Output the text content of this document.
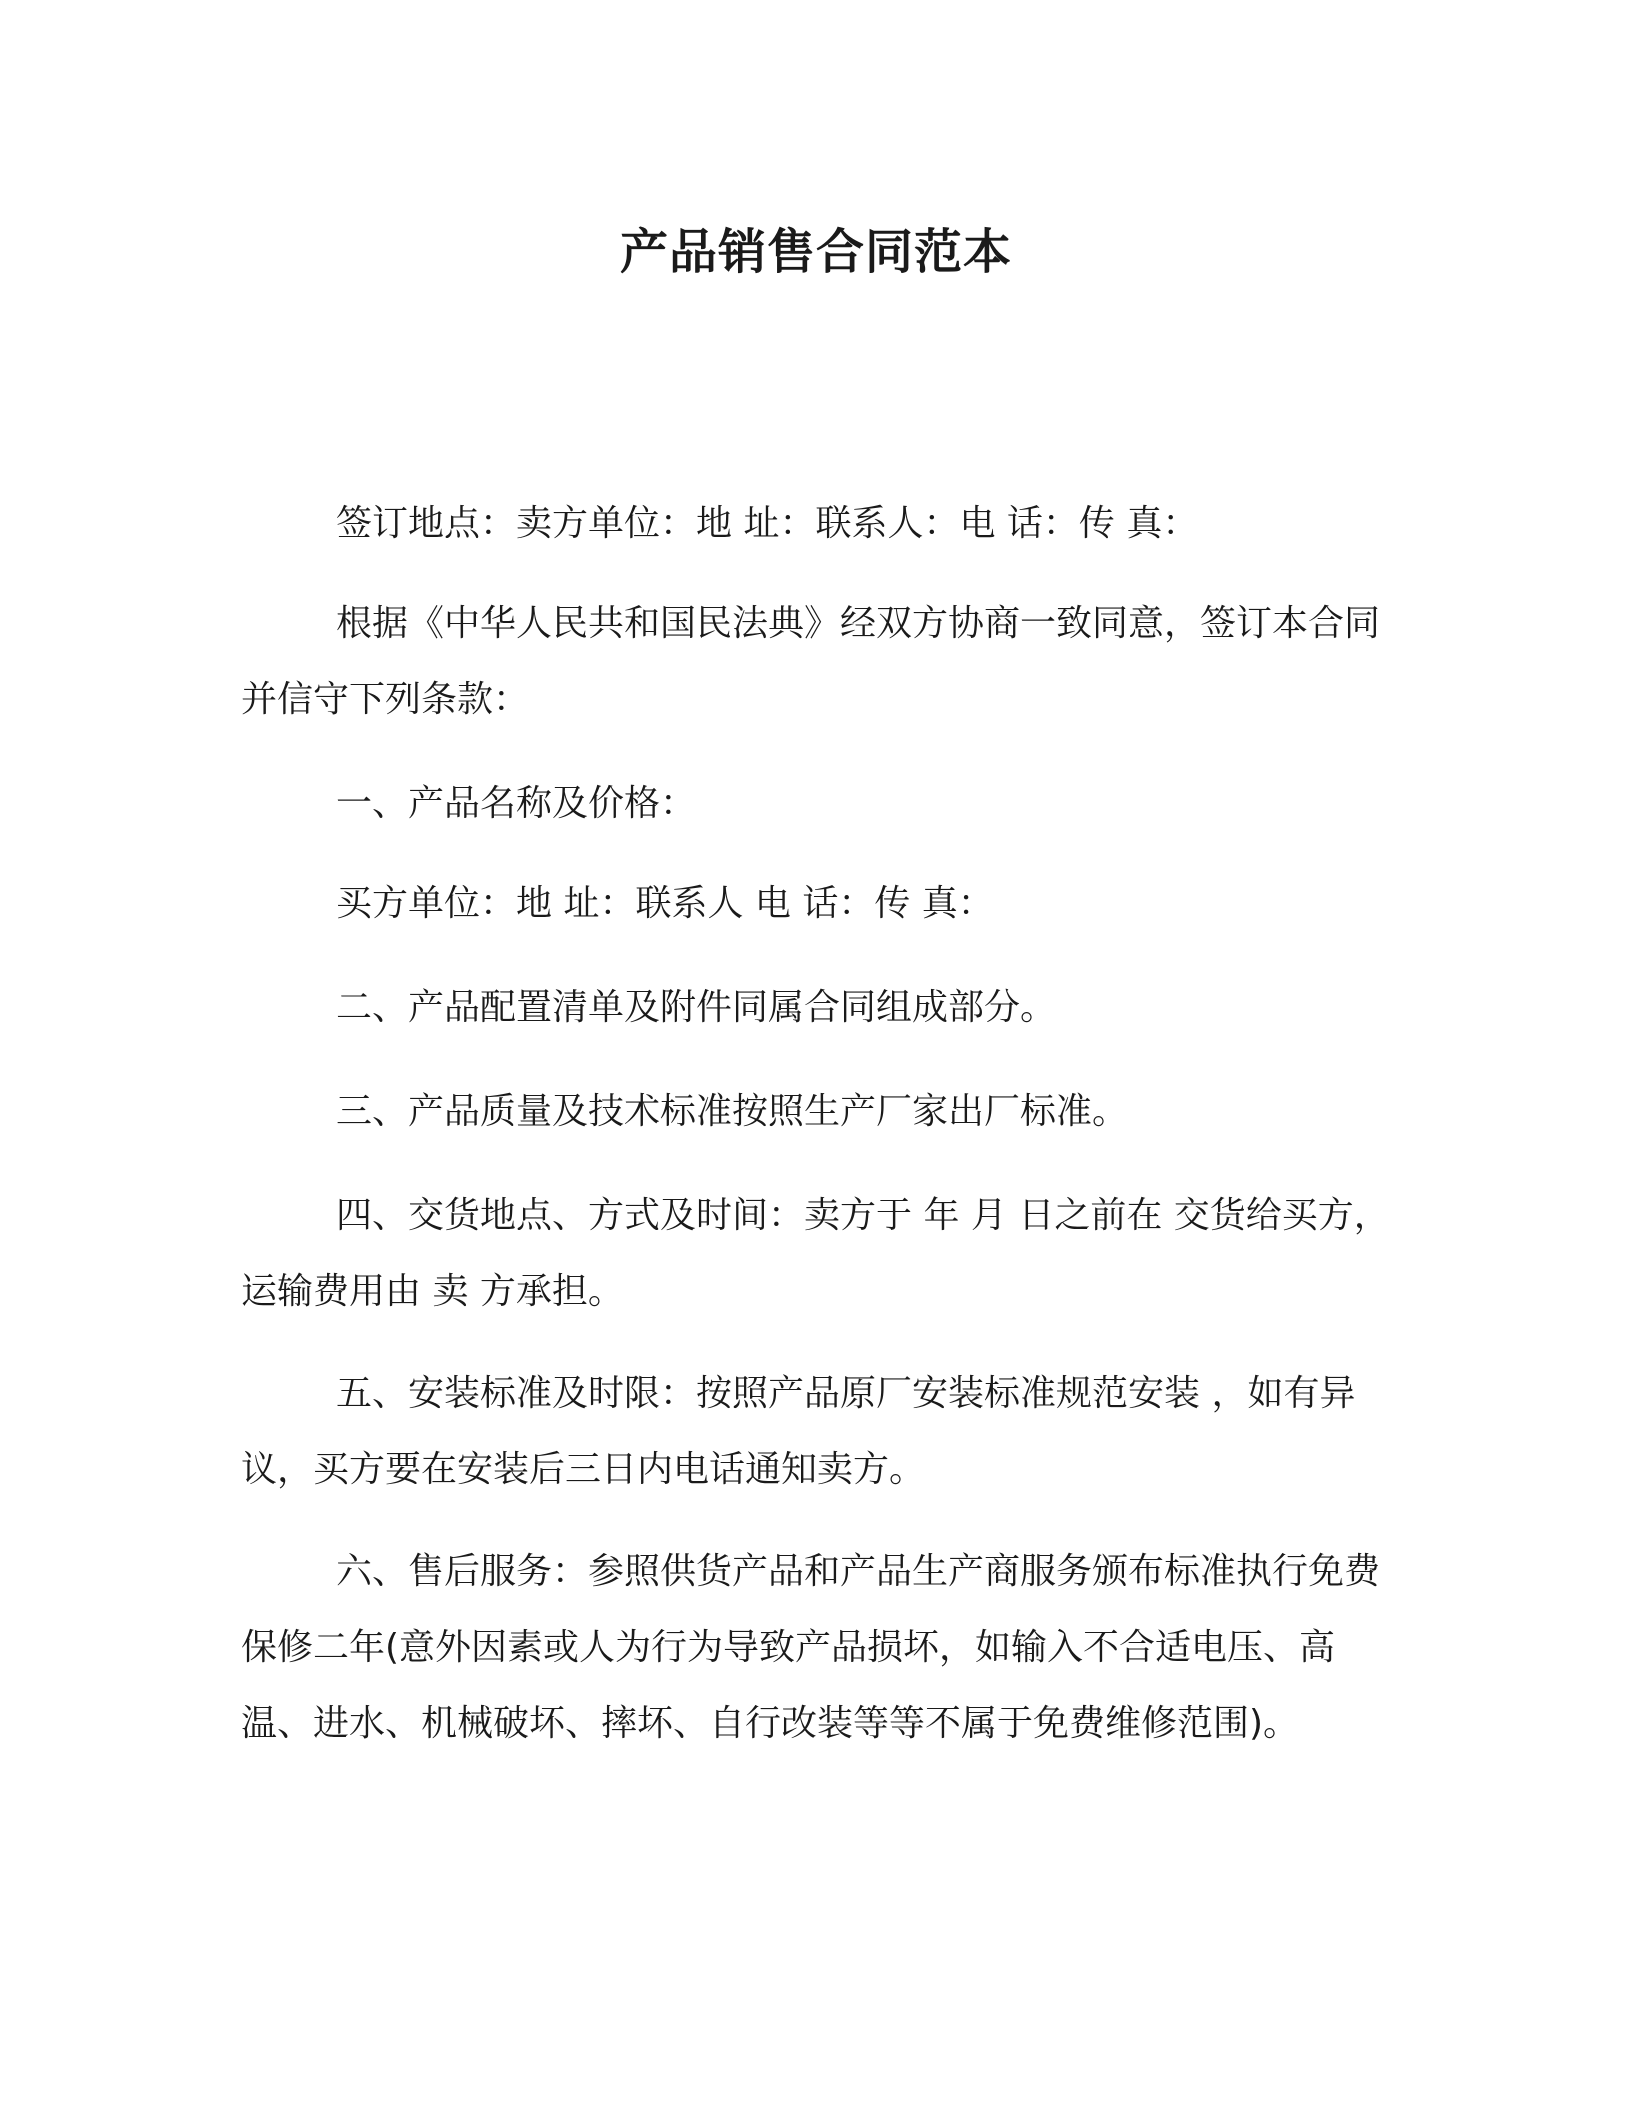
产品销售合同范本

签订地点：卖方单位：地 址：联系人：电 话：传 真：

根据《中华人民共和国民法典》经双方协商一致同意，签订本合同并信守下列条款：

一、产品名称及价格：

买方单位：地 址：联系人 电 话：传 真：

二、产品配置清单及附件同属合同组成部分。

三、产品质量及技术标准按照生产厂家出厂标准。

四、交货地点、方式及时间：卖方于 年 月 日之前在 交货给买方，运输费用由 卖 方承担。

五、安装标准及时限：按照产品原厂安装标准规范安装 ，如有异议，买方要在安装后三日内电话通知卖方。

六、售后服务：参照供货产品和产品生产商服务颁布标准执行免费保修二年(意外因素或人为行为导致产品损坏，如输入不合适电压、高温、进水、机械破坏、摔坏、自行改装等等不属于免费维修范围)。
